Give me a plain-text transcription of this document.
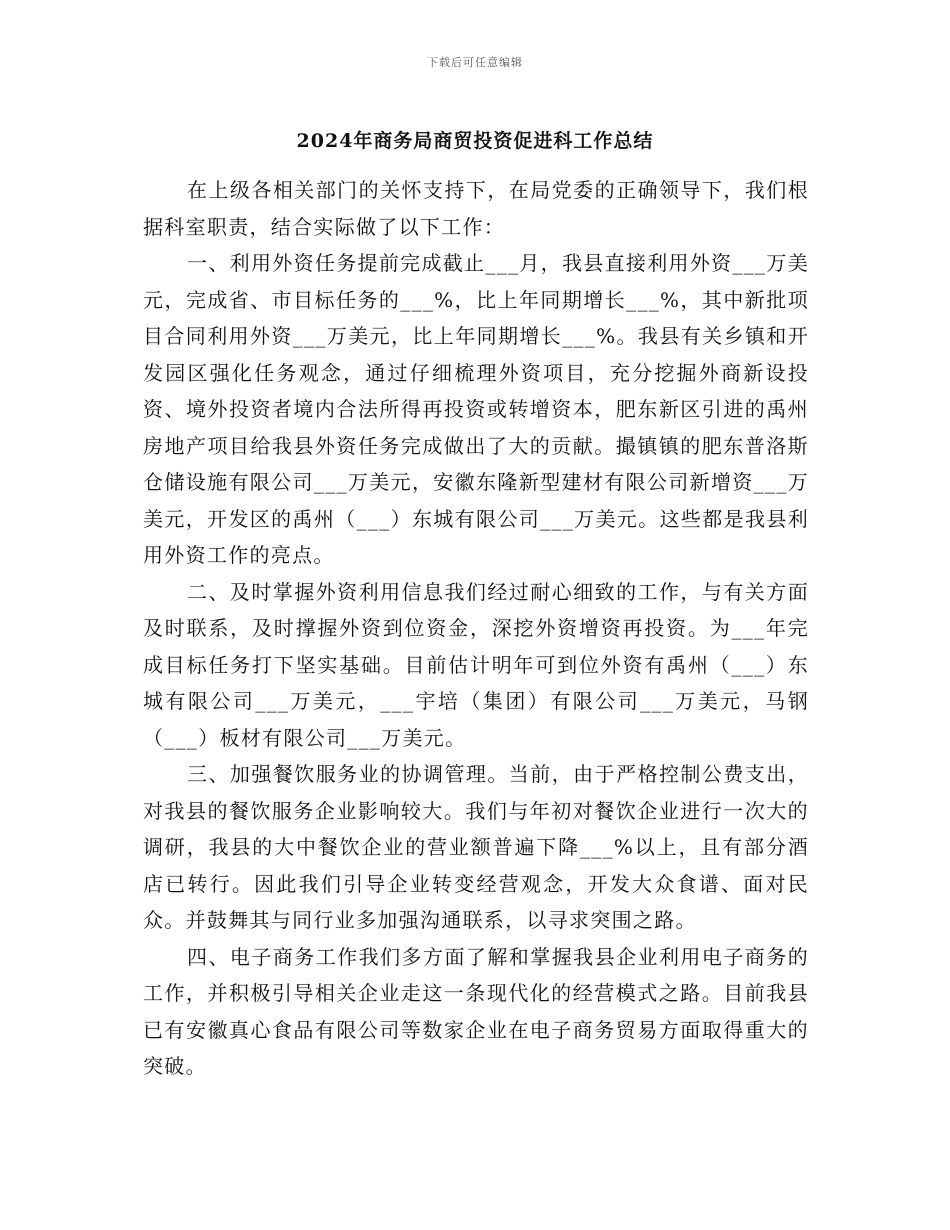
下载后可任意编辑
2024年商务局商贸投资促进科工作总结

在上级各相关部门的关怀支持下，在局党委的正确领导下，我们根据科室职责，结合实际做了以下工作：

一、利用外资任务提前完成截止___月，我县直接利用外资___万美元，完成省、市目标任务的___%，比上年同期增长___%，其中新批项目合同利用外资___万美元，比上年同期增长___%。我县有关乡镇和开发园区强化任务观念，通过仔细梳理外资项目，充分挖掘外商新设投资、境外投资者境内合法所得再投资或转增资本，肥东新区引进的禹州房地产项目给我县外资任务完成做出了大的贡献。撮镇镇的肥东普洛斯仓储设施有限公司___万美元，安徽东隆新型建材有限公司新增资___万美元，开发区的禹州（___）东城有限公司___万美元。这些都是我县利用外资工作的亮点。

二、及时掌握外资利用信息我们经过耐心细致的工作，与有关方面及时联系，及时撑握外资到位资金，深挖外资增资再投资。为___年完成目标任务打下坚实基础。目前估计明年可到位外资有禹州（___）东城有限公司___万美元，___宇培（集团）有限公司___万美元，马钢（___）板材有限公司___万美元。

三、加强餐饮服务业的协调管理。当前，由于严格控制公费支出，对我县的餐饮服务企业影响较大。我们与年初对餐饮企业进行一次大的调研，我县的大中餐饮企业的营业额普遍下降___%以上，且有部分酒店已转行。因此我们引导企业转变经营观念，开发大众食谱、面对民众。并鼓舞其与同行业多加强沟通联系，以寻求突围之路。

四、电子商务工作我们多方面了解和掌握我县企业利用电子商务的工作，并积极引导相关企业走这一条现代化的经营模式之路。目前我县已有安徽真心食品有限公司等数家企业在电子商务贸易方面取得重大的突破。
